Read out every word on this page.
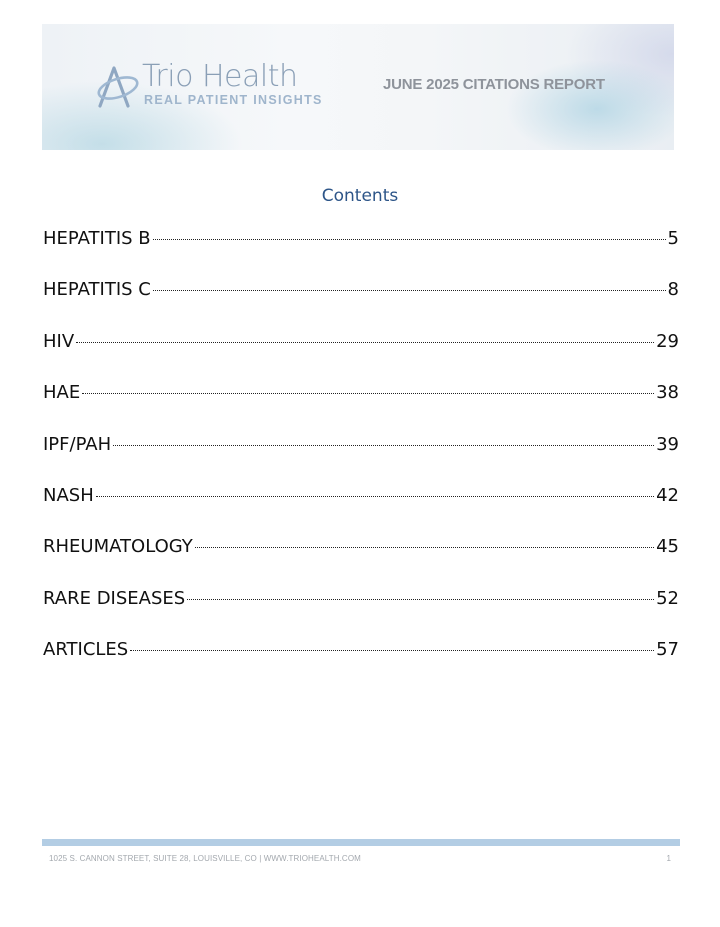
Trio Health
REAL PATIENT INSIGHTS
JUNE 2025 CITATIONS REPORT
Contents
HEPATITIS B	5
HEPATITIS C	8
HIV	29
HAE	38
IPF/PAH	39
NASH	42
RHEUMATOLOGY	45
RARE DISEASES	52
ARTICLES	57
1025 S. CANNON STREET, SUITE 28, LOUISVILLE, CO | WWW.TRIOHEALTH.COM	1
